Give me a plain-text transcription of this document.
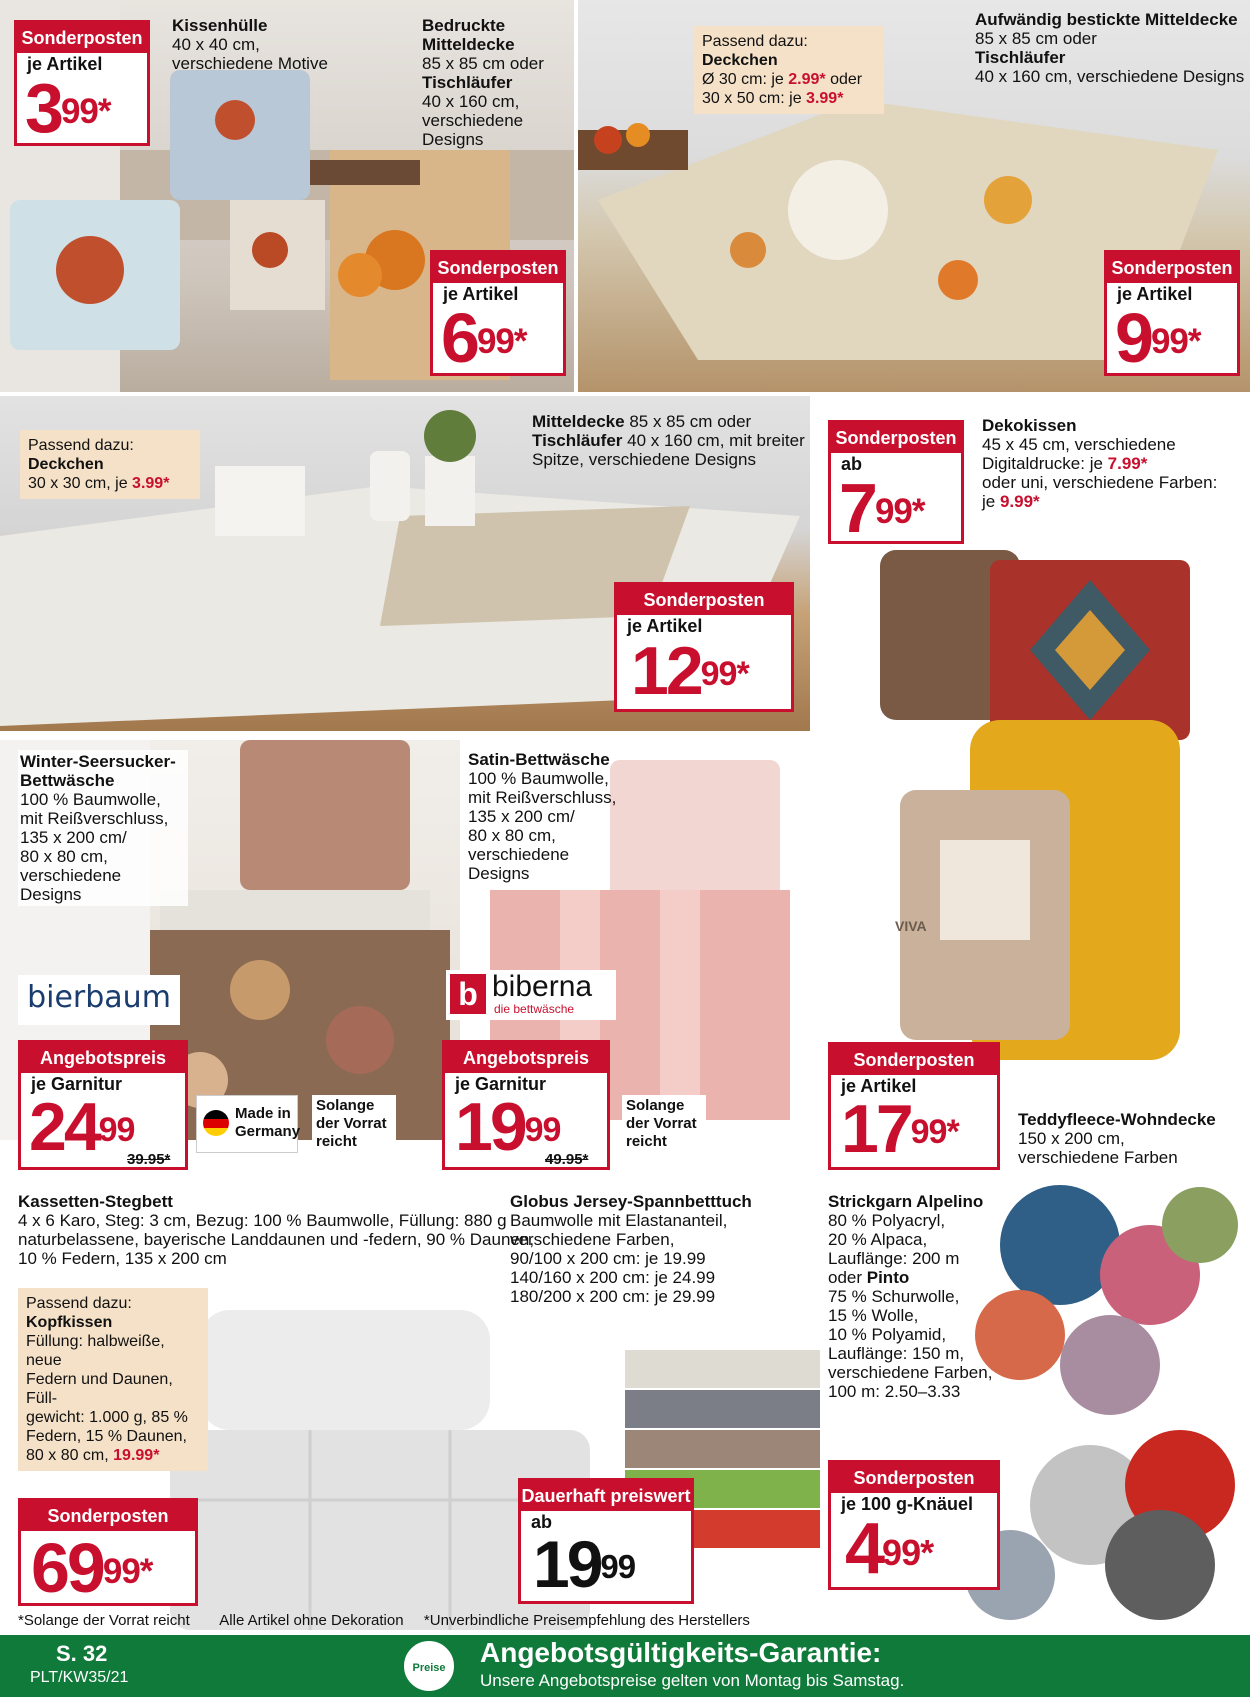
Sonderposten
je Artikel
$3^{99*}$
Kissenhülle
40 x 40 cm,
verschiedene Motive
Bedruckte
Mitteldecke
85 x 85 cm oder
Tischläufer
40 x 160 cm,
verschiedene
Designs
Sonderposten
je Artikel
$6^{99*}$
Passend dazu:
Deckchen
Ø 30 cm: je 2.99* oder
30 x 50 cm: je 3.99*
Aufwändig bestickte Mitteldecke
85 x 85 cm oder
Tischläufer
40 x 160 cm, verschiedene Designs
Sonderposten
je Artikel
$9^{99*}$
Passend dazu:
Deckchen
30 x 30 cm, je 3.99*
Mitteldecke 85 x 85 cm oder
Tischläufer 40 x 160 cm, mit breiter
Spitze, verschiedene Designs
Sonderposten
je Artikel
$12^{99*}$
Sonderposten
ab
$7^{99*}$
Dekokissen
45 x 45 cm, verschiedene
Digitaldrucke: je 7.99*
oder uni, verschiedene Farben:
je 9.99*
Winter-Seersucker-
Bettwäsche
100 % Baumwolle,
mit Reißverschluss,
135 x 200 cm/
80 x 80 cm,
verschiedene
Designs
bierbaum
Angebotspreis
je Garnitur
$24^{99}$
39.95*
Made in
Germany
Solange
der Vorrat
reicht
Satin-Bettwäsche
100 % Baumwolle,
mit Reißverschluss,
135 x 200 cm/
80 x 80 cm,
verschiedene
Designs
b biberna
die bettwäsche
Angebotspreis
je Garnitur
$19^{99}$
49.95*
Solange
der Vorrat
reicht
Sonderposten
je Artikel
$17^{99*}$
VIVA
Teddyfleece-Wohndecke
150 x 200 cm,
verschiedene Farben
Kassetten-Stegbett
4 x 6 Karo, Steg: 3 cm, Bezug: 100 % Baumwolle, Füllung: 880 g
naturbelassene, bayerische Landdaunen und -federn, 90 % Daunen,
10 % Federn, 135 x 200 cm
Passend dazu:
Kopfkissen
Füllung: halbweiße, neue
Federn und Daunen, Füll-
gewicht: 1.000 g, 85 %
Federn, 15 % Daunen,
80 x 80 cm, 19.99*
Sonderposten
$69^{99*}$
Globus Jersey-Spannbetttuch
Baumwolle mit Elastananteil,
verschiedene Farben,
90/100 x 200 cm: je 19.99
140/160 x 200 cm: je 24.99
180/200 x 200 cm: je 29.99
Dauerhaft preiswert
ab
$19^{99}$
Strickgarn Alpelino
80 % Polyacryl,
20 % Alpaca,
Lauflänge: 200 m
oder Pinto
75 % Schurwolle,
15 % Wolle,
10 % Polyamid,
Lauflänge: 150 m,
verschiedene Farben,
100 m: 2.50–3.33
Sonderposten
je 100 g-Knäuel
$4^{99*}$
*Solange der Vorrat reicht Alle Artikel ohne Dekoration *Unverbindliche Preisempfehlung des Herstellers
S. 32
PLT/KW35/21
Preise	Angebotsgültigkeits-Garantie:
Unsere Angebotspreise gelten von Montag bis Samstag.
